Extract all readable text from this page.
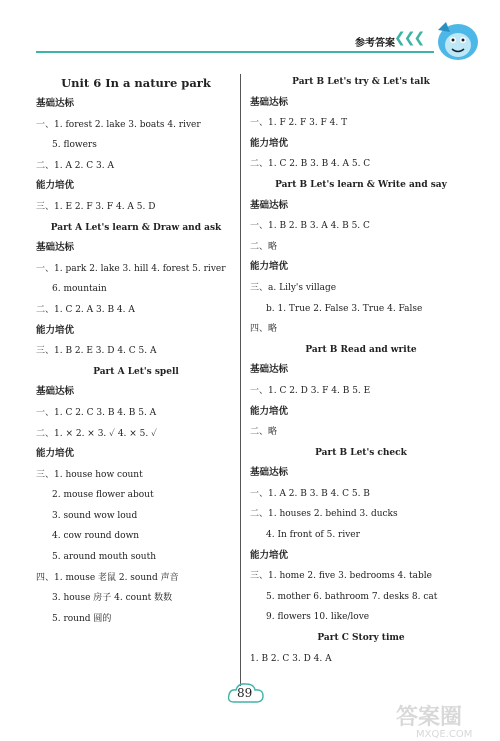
参考答案 ❮❮❮
Unit 6 In a nature park
基础达标
一、1. forest 2. lake 3. boats 4. river
5. flowers
二、1. A 2. C 3. A
能力培优
三、1. E 2. F 3. F 4. A 5. D
Part A Let's learn & Draw and ask
基础达标
一、1. park 2. lake 3. hill 4. forest 5. river
6. mountain
二、1. C 2. A 3. B 4. A
能力培优
三、1. B 2. E 3. D 4. C 5. A
Part A Let's spell
基础达标
一、1. C 2. C 3. B 4. B 5. A
二、1. × 2. × 3. ✓ 4. × 5. ✓
能力培优
三、1. house how count
2. mouse flower about
3. sound wow loud
4. cow round down
5. around mouth south
四、1. mouse 老鼠 2. sound 声音
3. house 房子 4. count 数数
5. round 圆的
Part B Let's try & Let's talk
基础达标
一、1. F 2. F 3. F 4. T
能力培优
二、1. C 2. B 3. B 4. A 5. C
Part B Let's learn & Write and say
基础达标
一、1. B 2. B 3. A 4. B 5. C
二、略
能力培优
三、a. Lily's village
b. 1. True 2. False 3. True 4. False
四、略
Part B Read and write
基础达标
一、1. C 2. D 3. F 4. B 5. E
能力培优
二、略
Part B Let's check
基础达标
一、1. A 2. B 3. B 4. C 5. B
二、1. houses 2. behind 3. ducks
4. In front of 5. river
能力培优
三、1. home 2. five 3. bedrooms 4. table
5. mother 6. bathroom 7. desks 8. cat
9. flowers 10. like/love
Part C Story time
1. B 2. C 3. D 4. A
89
答案圈
MXQE.COM
